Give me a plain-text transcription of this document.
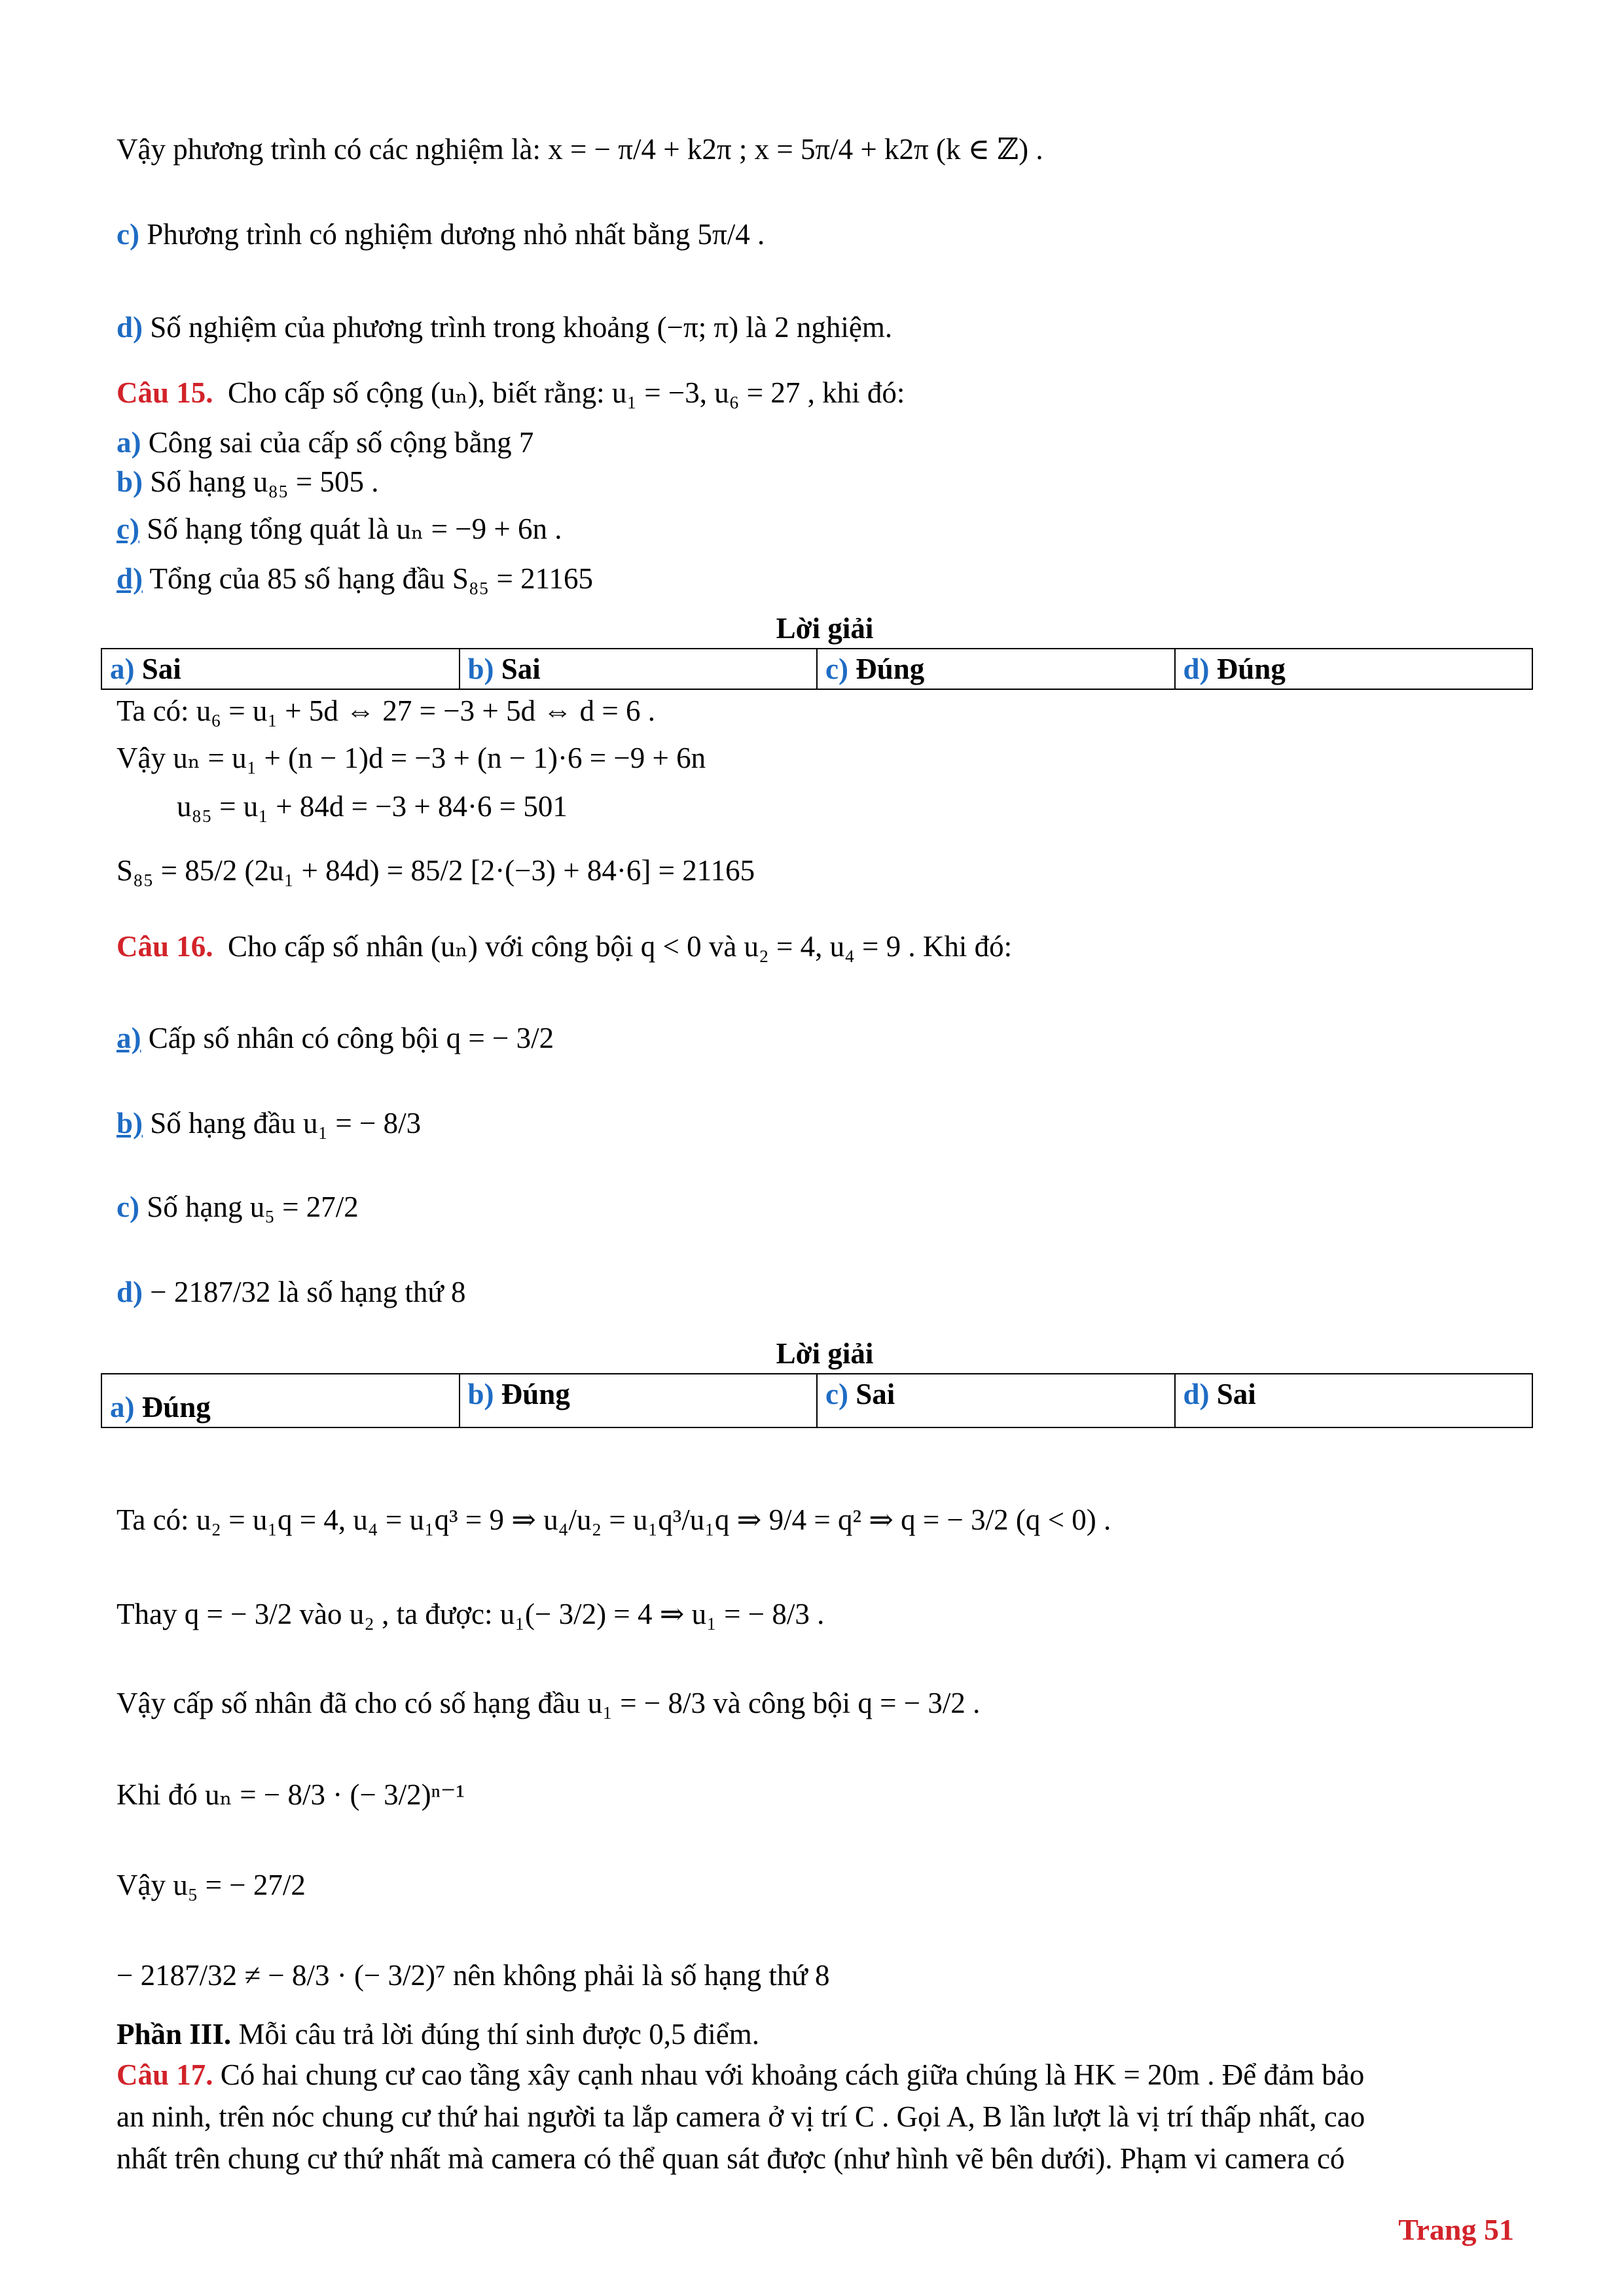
Vậy phương trình có các nghiệm là: x = − π/4 + k2π ; x = 5π/4 + k2π (k ∈ ℤ) .
c) Phương trình có nghiệm dương nhỏ nhất bằng 5π/4 .
d) Số nghiệm của phương trình trong khoảng (−π; π) là 2 nghiệm.
Câu 15. Cho cấp số cộng (uₙ), biết rằng: u₁ = −3, u₆ = 27 , khi đó:
a) Công sai của cấp số cộng bằng 7
b) Số hạng u₈₅ = 505 .
c) Số hạng tổng quát là uₙ = −9 + 6n .
d) Tổng của 85 số hạng đầu S₈₅ = 21165
Lời giải
a) Sai	b) Sai	c) Đúng	d) Đúng
Ta có: u₆ = u₁ + 5d ⇔ 27 = −3 + 5d ⇔ d = 6 .
Vậy uₙ = u₁ + (n − 1)d = −3 + (n − 1)·6 = −9 + 6n
u₈₅ = u₁ + 84d = −3 + 84·6 = 501
S₈₅ = 85/2 (2u₁ + 84d) = 85/2 [2·(−3) + 84·6] = 21165
Câu 16. Cho cấp số nhân (uₙ) với công bội q < 0 và u₂ = 4, u₄ = 9 . Khi đó:
a) Cấp số nhân có công bội q = − 3/2
b) Số hạng đầu u₁ = − 8/3
c) Số hạng u₅ = 27/2
d) − 2187/32 là số hạng thứ 8
Lời giải
a) Đúng	b) Đúng	c) Sai	d) Sai
Ta có: u₂ = u₁q = 4, u₄ = u₁q³ = 9 ⇒ u₄/u₂ = u₁q³/u₁q ⇒ 9/4 = q² ⇒ q = − 3/2 (q < 0) .
Thay q = − 3/2 vào u₂ , ta được: u₁(− 3/2) = 4 ⇒ u₁ = − 8/3 .
Vậy cấp số nhân đã cho có số hạng đầu u₁ = − 8/3 và công bội q = − 3/2 .
Khi đó uₙ = − 8/3 · (− 3/2)ⁿ⁻¹
Vậy u₅ = − 27/2
− 2187/32 ≠ − 8/3 · (− 3/2)⁷ nên không phải là số hạng thứ 8
Phần III. Mỗi câu trả lời đúng thí sinh được 0,5 điểm.
Câu 17. Có hai chung cư cao tầng xây cạnh nhau với khoảng cách giữa chúng là HK = 20m . Để đảm bảo
an ninh, trên nóc chung cư thứ hai người ta lắp camera ở vị trí C . Gọi A, B lần lượt là vị trí thấp nhất, cao
nhất trên chung cư thứ nhất mà camera có thể quan sát được (như hình vẽ bên dưới). Phạm vi camera có
Trang 51
